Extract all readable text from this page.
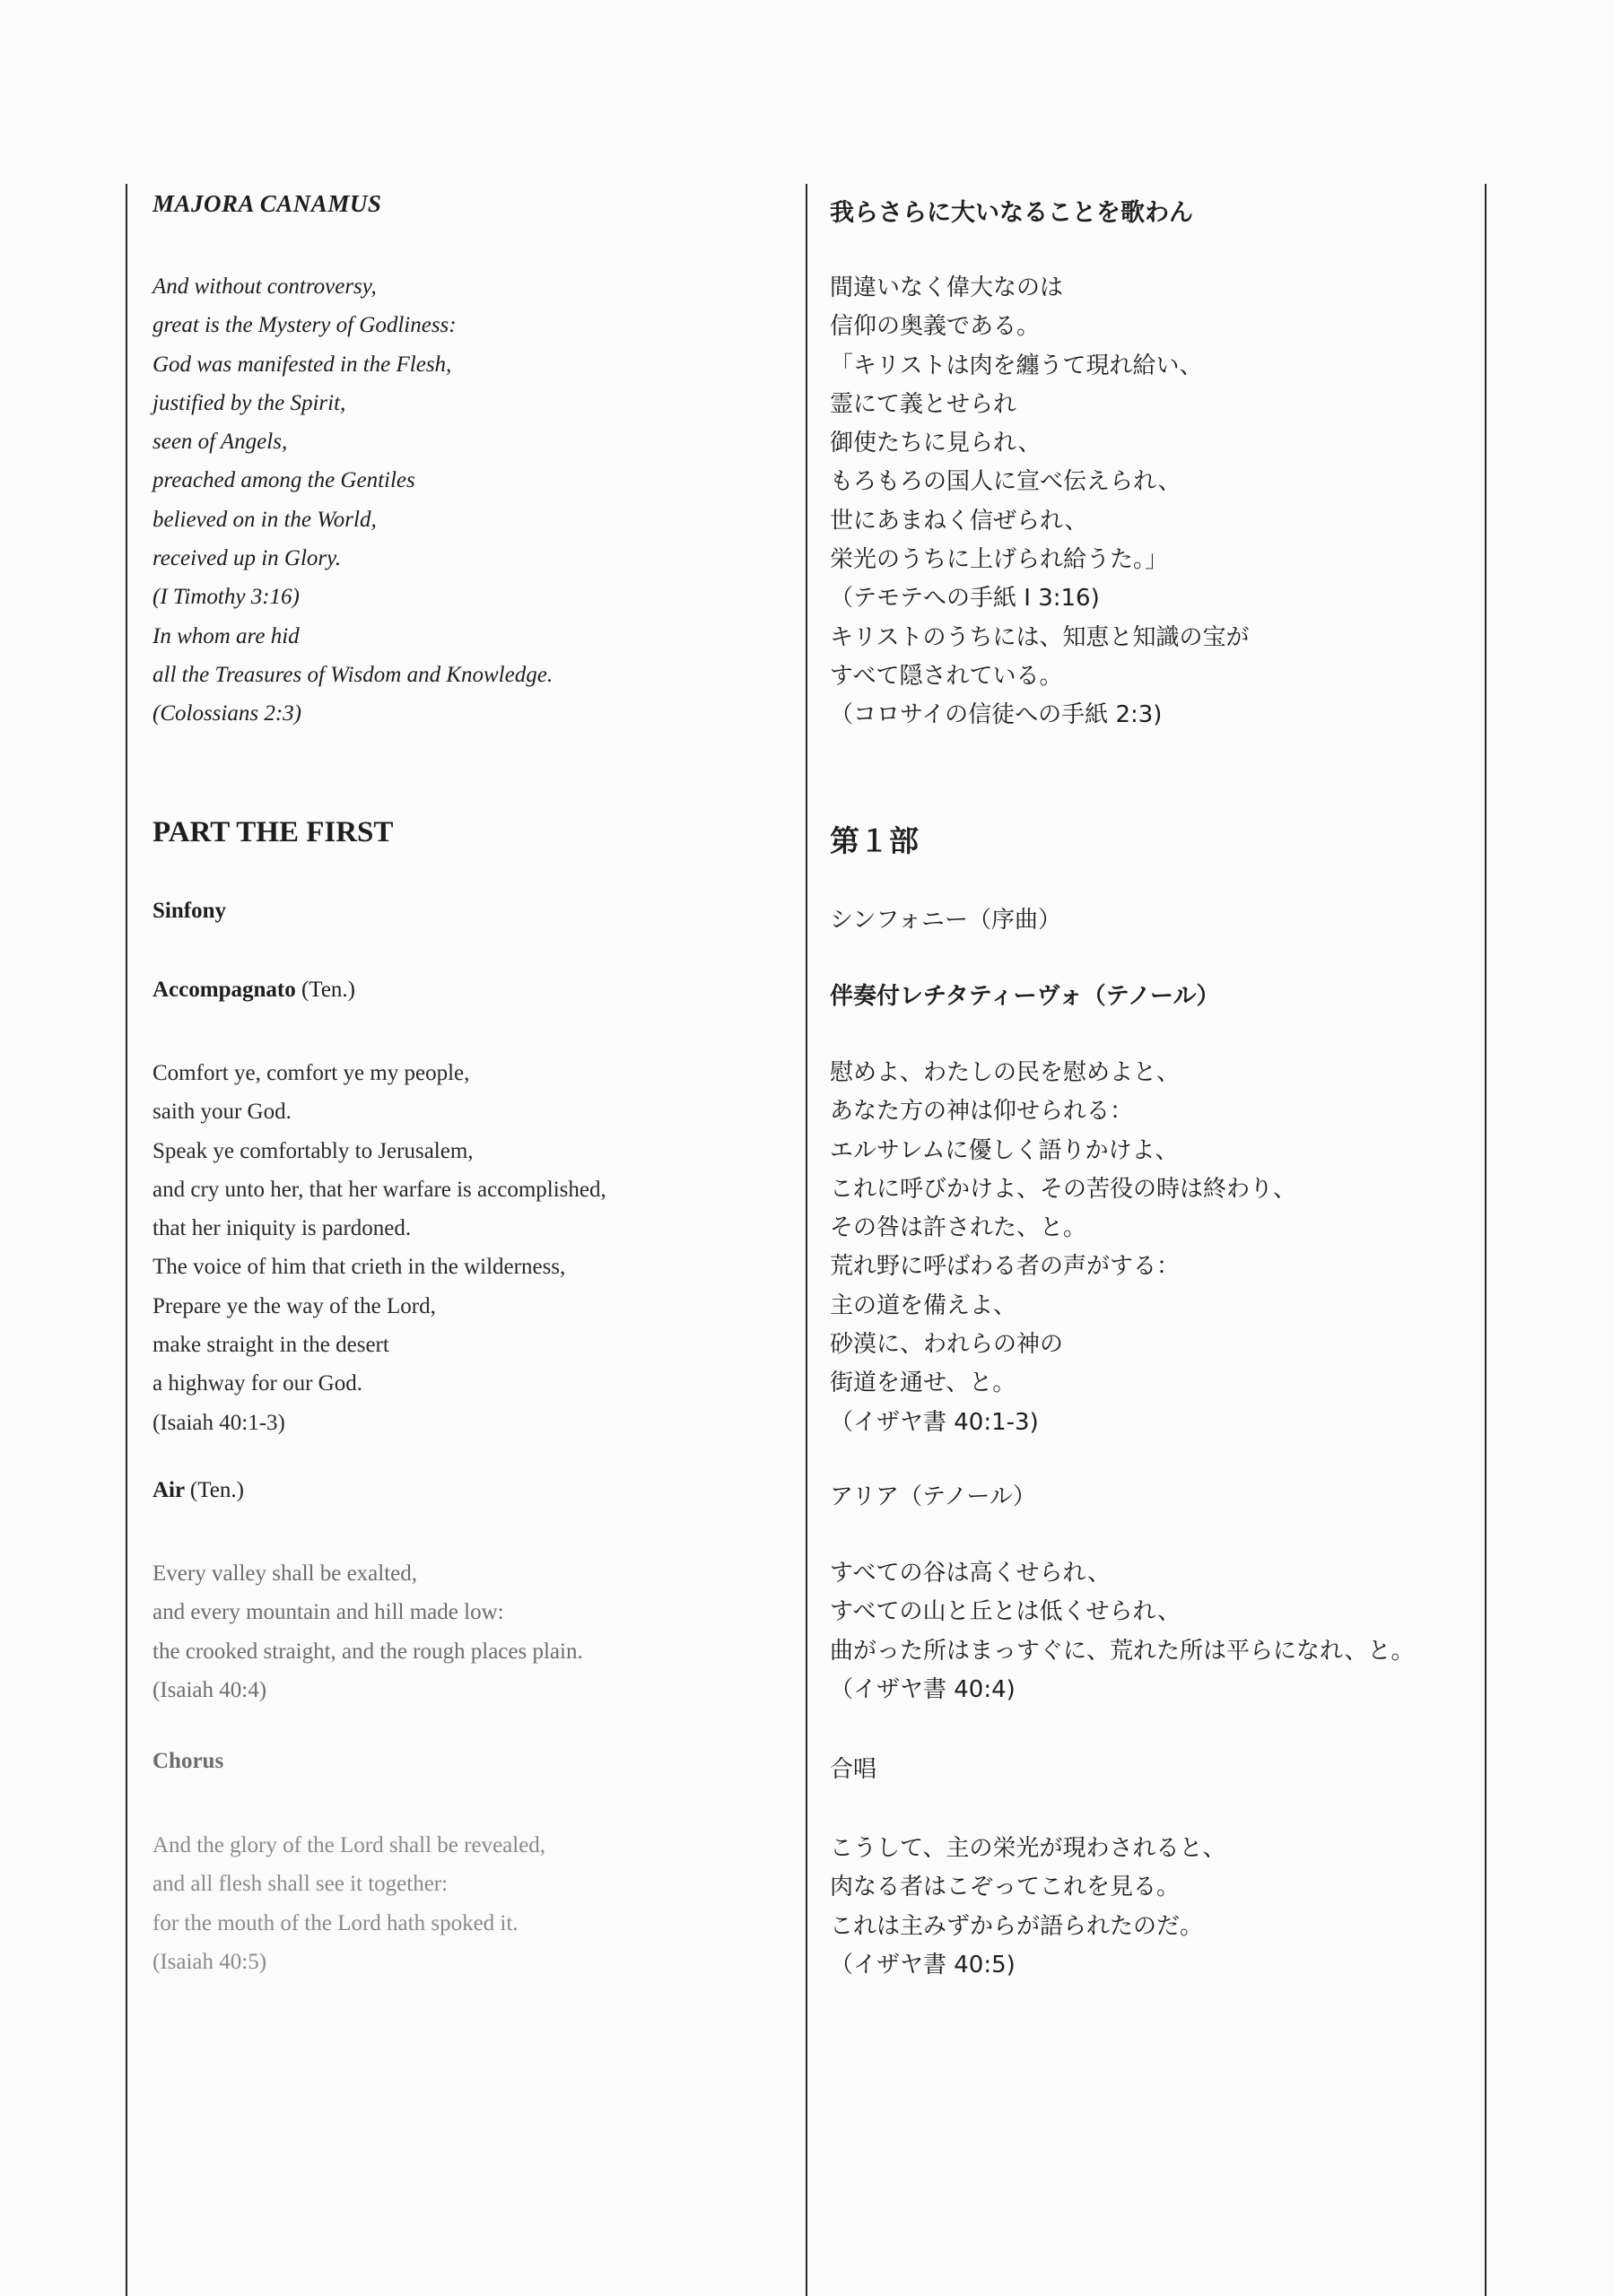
MAJORA CANAMUS
And without controversy,
great is the Mystery of Godliness:
God was manifested in the Flesh,
justified by the Spirit,
seen of Angels,
preached among the Gentiles
believed on in the World,
received up in Glory.
(I Timothy 3:16)
In whom are hid
all the Treasures of Wisdom and Knowledge.
(Colossians 2:3)
PART THE FIRST
Sinfony
Accompagnato (Ten.)
Comfort ye, comfort ye my people,
saith your God.
Speak ye comfortably to Jerusalem,
and cry unto her, that her warfare is accomplished,
that her iniquity is pardoned.
The voice of him that crieth in the wilderness,
Prepare ye the way of the Lord,
make straight in the desert
a highway for our God.
(Isaiah 40:1-3)
Air (Ten.)
Every valley shall be exalted,
and every mountain and hill made low:
the crooked straight, and the rough places plain.
(Isaiah 40:4)
Chorus
And the glory of the Lord shall be revealed,
and all flesh shall see it together:
for the mouth of the Lord hath spoked it.
(Isaiah 40:5)
我らさらに大いなることを歌わん
間違いなく偉大なのは
信仰の奥義である。
「キリストは肉を纏うて現れ給い、
霊にて義とせられ
御使たちに見られ、
もろもろの国人に宣べ伝えられ、
世にあまねく信ぜられ、
栄光のうちに上げられ給うた。」
（テモテへの手紙 I 3:16)
キリストのうちには、知恵と知識の宝が
すべて隠されている。
（コロサイの信徒への手紙 2:3)
第１部
シンフォニー（序曲）
伴奏付レチタティーヴォ（テノール）
慰めよ、わたしの民を慰めよと、
あなた方の神は仰せられる：
エルサレムに優しく語りかけよ、
これに呼びかけよ、その苦役の時は終わり、
その咎は許された、と。
荒れ野に呼ばわる者の声がする：
主の道を備えよ、
砂漠に、われらの神の
街道を通せ、と。
（イザヤ書 40:1-3)
アリア（テノール）
すべての谷は高くせられ、
すべての山と丘とは低くせられ、
曲がった所はまっすぐに、荒れた所は平らになれ、と。
（イザヤ書 40:4)
合唱
こうして、主の栄光が現わされると、
肉なる者はこぞってこれを見る。
これは主みずからが語られたのだ。
（イザヤ書 40:5)
